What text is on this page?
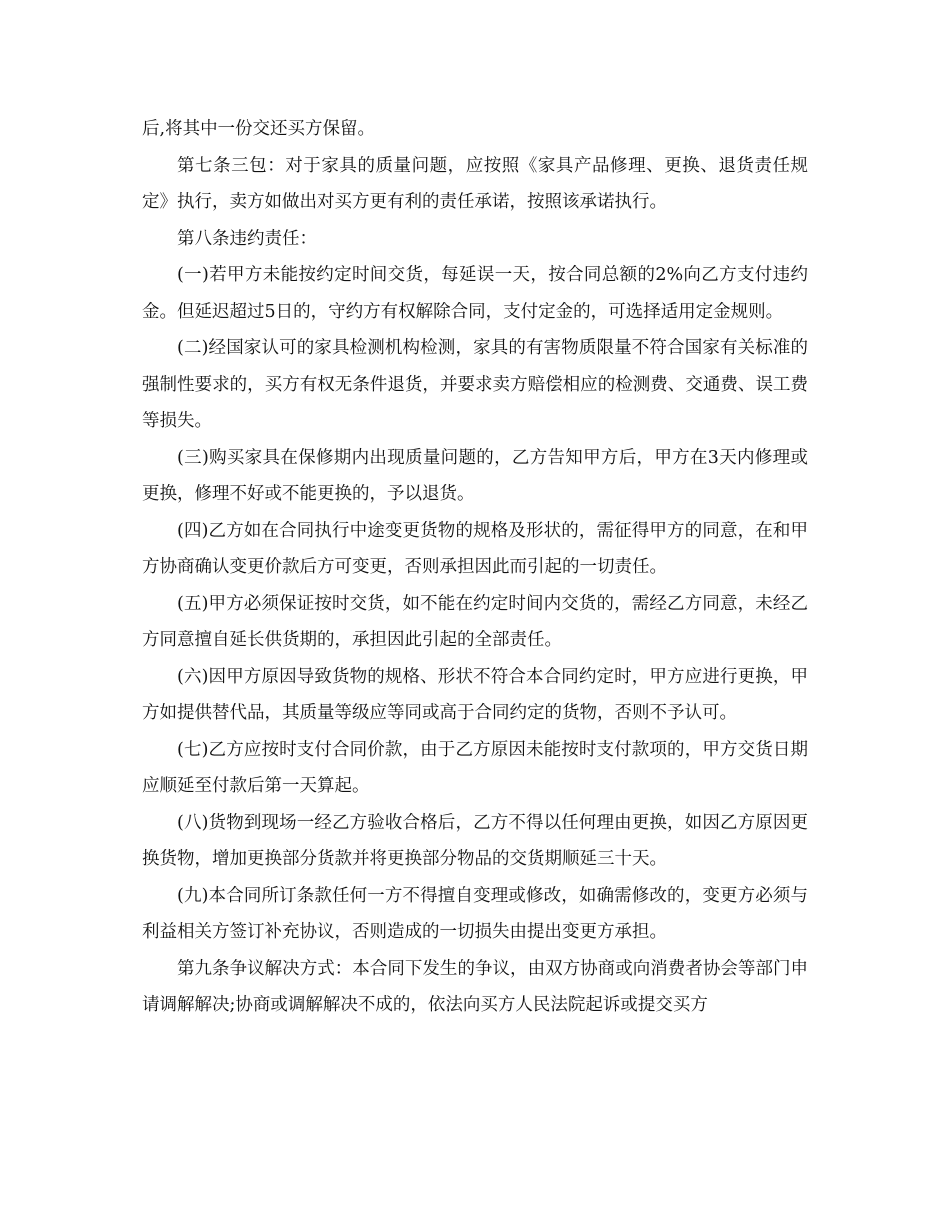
后,将其中一份交还买方保留。

第七条三包：对于家具的质量问题，应按照《家具产品修理、更换、退货责任规定》执行，卖方如做出对买方更有利的责任承诺，按照该承诺执行。

第八条违约责任：

(一)若甲方未能按约定时间交货，每延误一天，按合同总额的2%向乙方支付违约金。但延迟超过5日的，守约方有权解除合同，支付定金的，可选择适用定金规则。

(二)经国家认可的家具检测机构检测，家具的有害物质限量不符合国家有关标准的强制性要求的，买方有权无条件退货，并要求卖方赔偿相应的检测费、交通费、误工费等损失。

(三)购买家具在保修期内出现质量问题的，乙方告知甲方后，甲方在3天内修理或更换，修理不好或不能更换的，予以退货。

(四)乙方如在合同执行中途变更货物的规格及形状的，需征得甲方的同意，在和甲方协商确认变更价款后方可变更，否则承担因此而引起的一切责任。

(五)甲方必须保证按时交货，如不能在约定时间内交货的，需经乙方同意，未经乙方同意擅自延长供货期的，承担因此引起的全部责任。

(六)因甲方原因导致货物的规格、形状不符合本合同约定时，甲方应进行更换，甲方如提供替代品，其质量等级应等同或高于合同约定的货物，否则不予认可。

(七)乙方应按时支付合同价款，由于乙方原因未能按时支付款项的，甲方交货日期应顺延至付款后第一天算起。

(八)货物到现场一经乙方验收合格后，乙方不得以任何理由更换，如因乙方原因更换货物，增加更换部分货款并将更换部分物品的交货期顺延三十天。

(九)本合同所订条款任何一方不得擅自变理或修改，如确需修改的，变更方必须与利益相关方签订补充协议，否则造成的一切损失由提出变更方承担。

第九条争议解决方式：本合同下发生的争议，由双方协商或向消费者协会等部门申请调解解决;协商或调解解决不成的，依法向买方人民法院起诉或提交买方
